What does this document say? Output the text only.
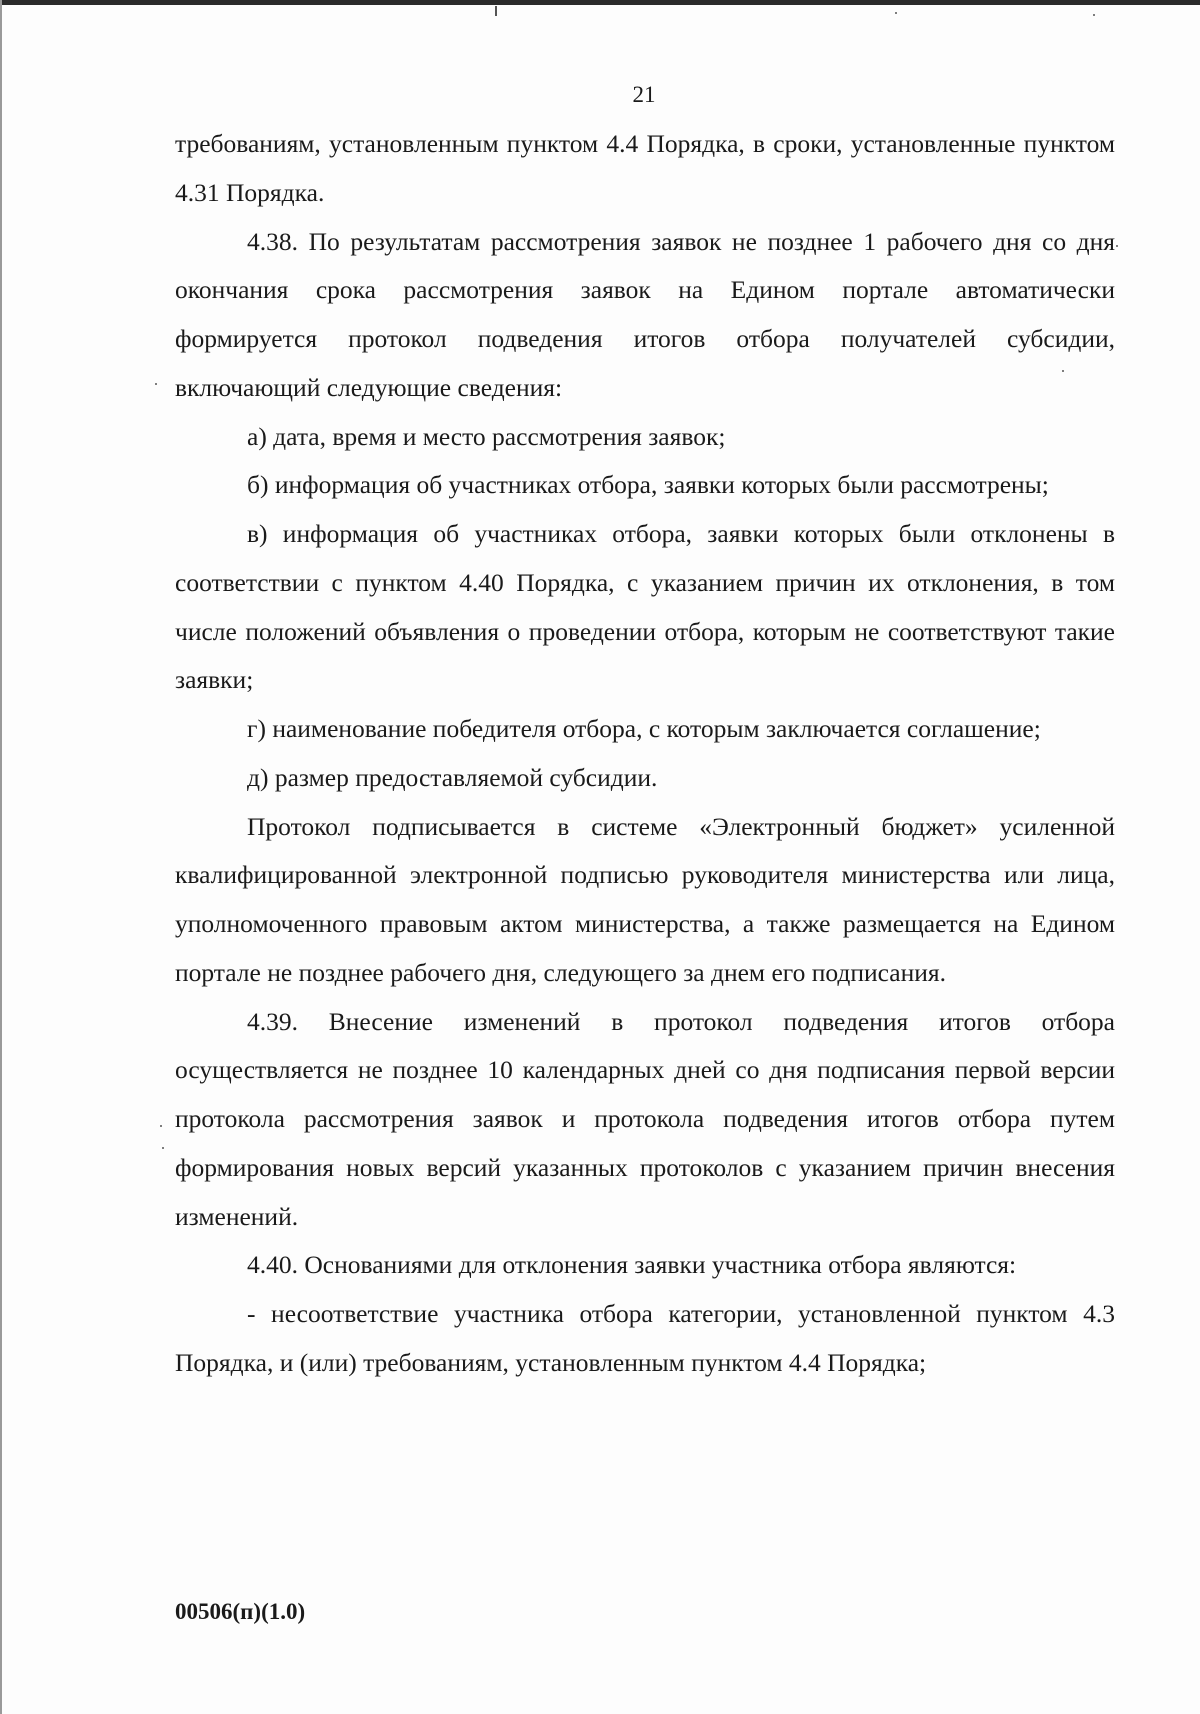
21

требованиям, установленным пунктом 4.4 Порядка, в сроки, установленные пунктом 4.31 Порядка.

4.38. По результатам рассмотрения заявок не позднее 1 рабочего дня со дня окончания срока рассмотрения заявок на Едином портале автоматически формируется протокол подведения итогов отбора получателей субсидии, включающий следующие сведения:

а) дата, время и место рассмотрения заявок;

б) информация об участниках отбора, заявки которых были рассмотрены;

в) информация об участниках отбора, заявки которых были отклонены в соответствии с пунктом 4.40 Порядка, с указанием причин их отклонения, в том числе положений объявления о проведении отбора, которым не соответствуют такие заявки;

г) наименование победителя отбора, с которым заключается соглашение;

д) размер предоставляемой субсидии.

Протокол подписывается в системе «Электронный бюджет» усиленной квалифицированной электронной подписью руководителя министерства или лица, уполномоченного правовым актом министерства, а также размещается на Едином портале не позднее рабочего дня, следующего за днем его подписания.

4.39. Внесение изменений в протокол подведения итогов отбора осуществляется не позднее 10 календарных дней со дня подписания первой версии протокола рассмотрения заявок и протокола подведения итогов отбора путем формирования новых версий указанных протоколов с указанием причин внесения изменений.

4.40. Основаниями для отклонения заявки участника отбора являются:

- несоответствие участника отбора категории, установленной пунктом 4.3 Порядка, и (или) требованиям, установленным пунктом 4.4 Порядка;

00506(п)(1.0)
